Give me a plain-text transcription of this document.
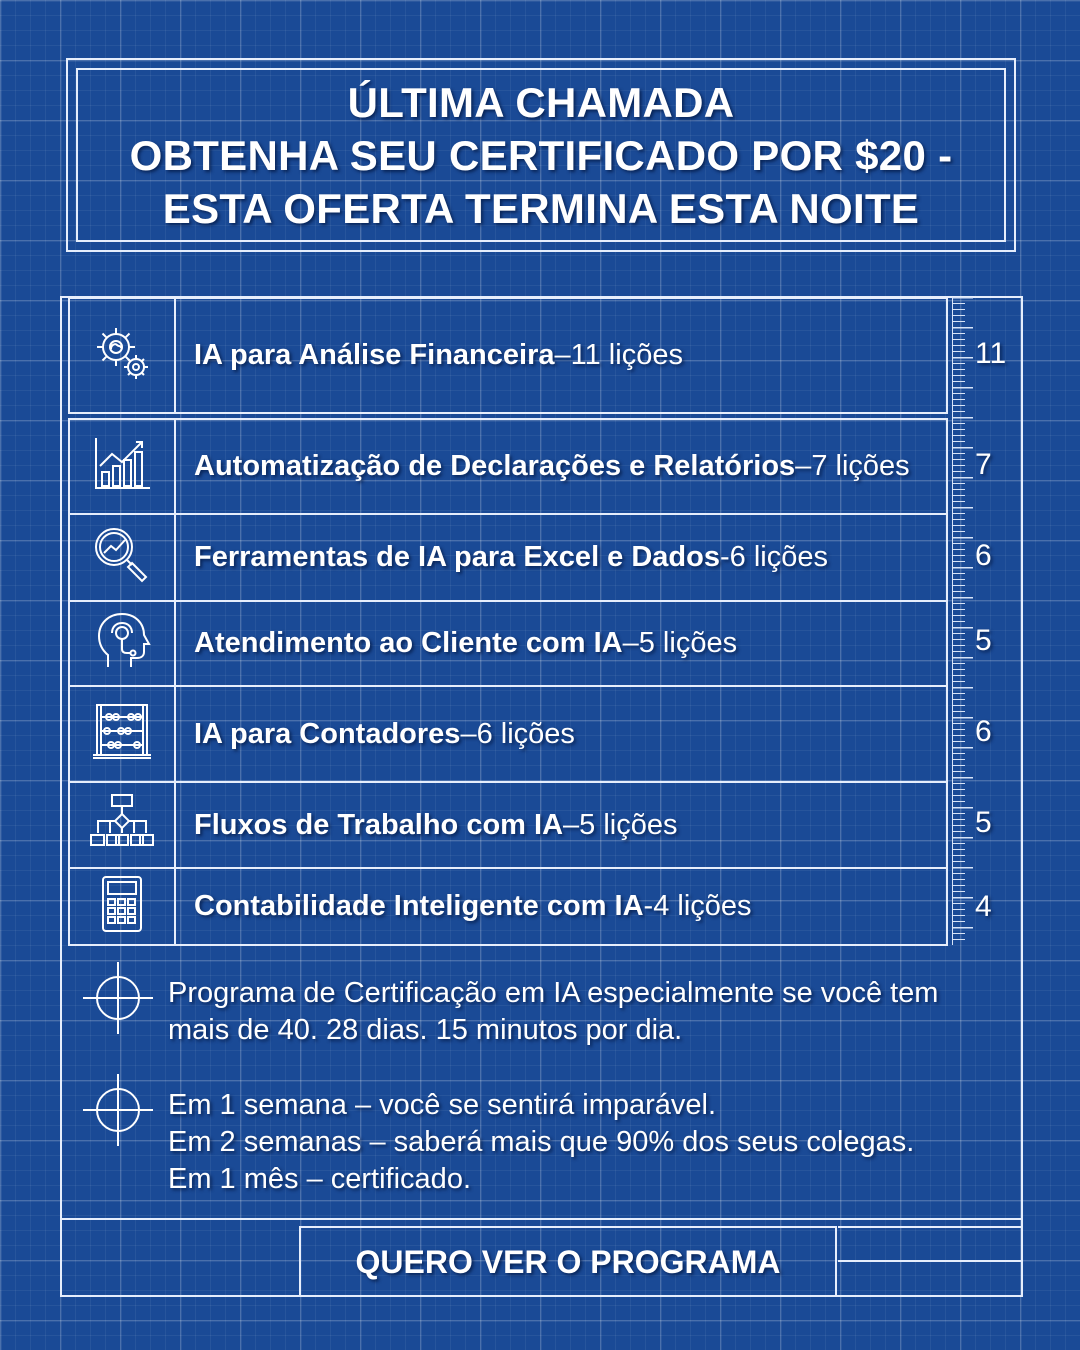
ÚLTIMA CHAMADA
OBTENHA SEU CERTIFICADO POR $20 -
ESTA OFERTA TERMINA ESTA NOITE
IA para Análise Financeira – 11 lições	11
Automatização de Declarações e Relatórios – 7 lições 7
Ferramentas de IA para Excel e Dados - 6 lições	6
Atendimento ao Cliente com IA – 5 lições	5
IA para Contadores – 6 lições	6
Fluxos de Trabalho com IA – 5 lições	5
Contabilidade Inteligente com IA - 4 lições	4
Programa de Certificação em IA especialmente se você tem
mais de 40. 28 dias. 15 minutos por dia.
Em 1 semana – você se sentirá imparável.
Em 2 semanas – saberá mais que 90% dos seus colegas.
Em 1 mês – certificado.
QUERO VER O PROGRAMA
